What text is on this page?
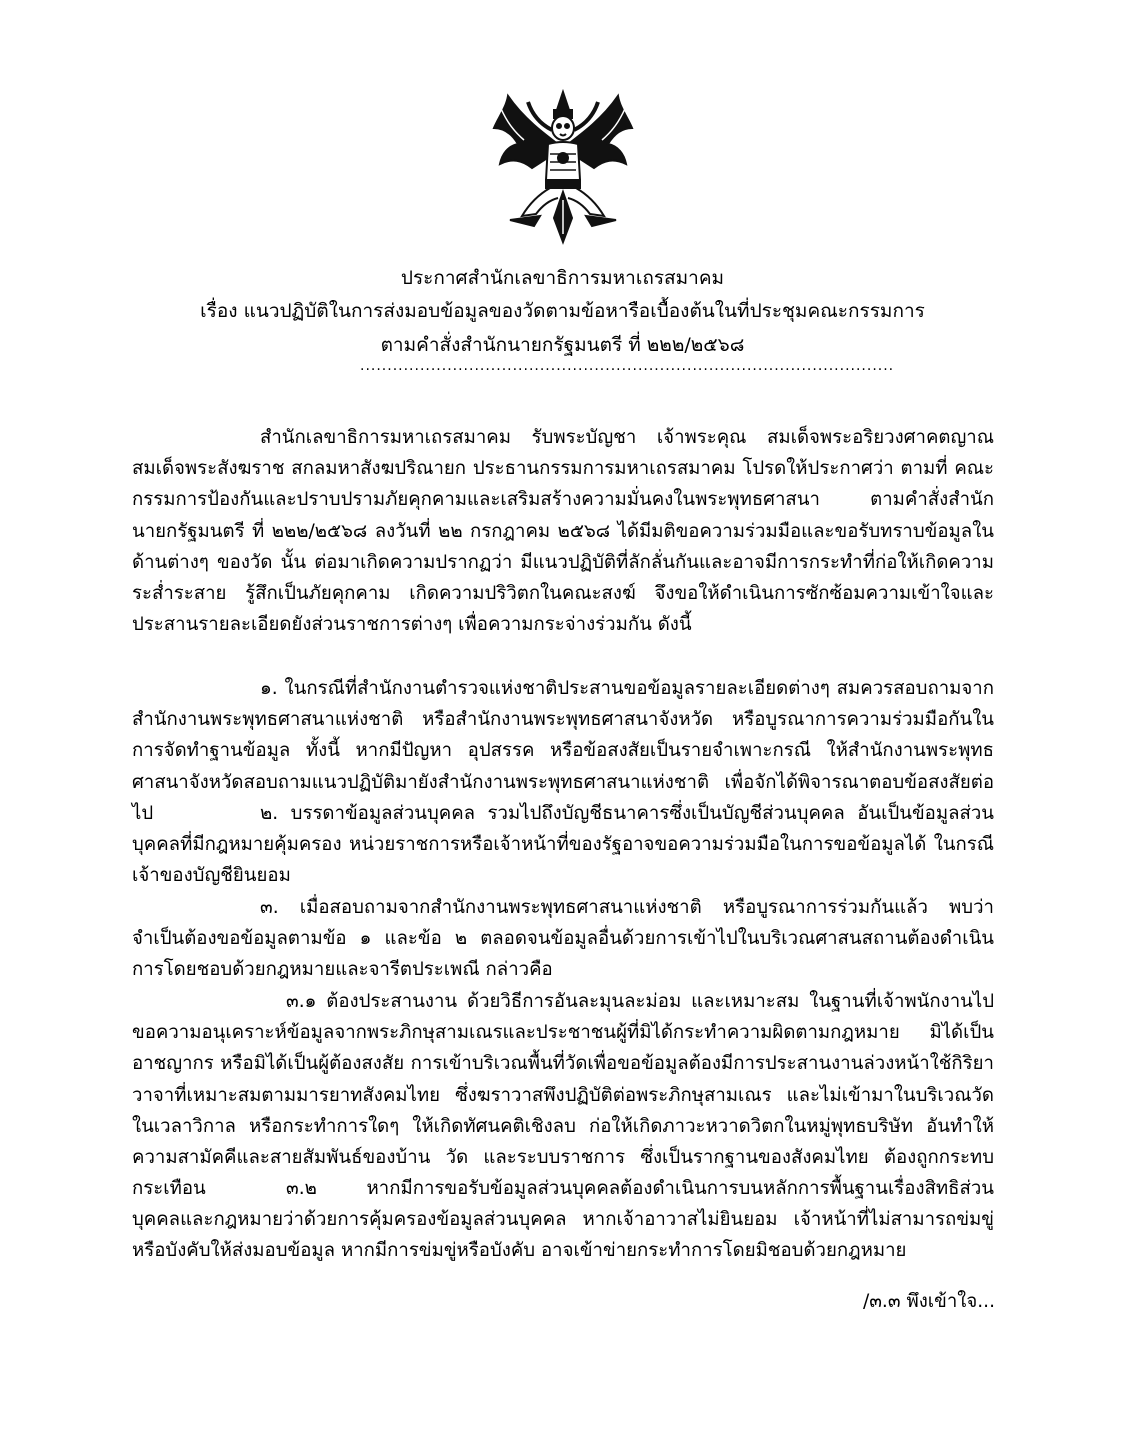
ประกาศสำนักเลขาธิการมหาเถรสมาคม
เรื่อง แนวปฏิบัติในการส่งมอบข้อมูลของวัดตามข้อหารือเบื้องต้นในที่ประชุมคณะกรรมการ
ตามคำสั่งสำนักนายกรัฐมนตรี ที่ ๒๒๒/๒๕๖๘
..................................................................................................

สำนักเลขาธิการมหาเถรสมาคม รับพระบัญชา เจ้าพระคุณ สมเด็จพระอริยวงศาคตญาณ สมเด็จพระสังฆราช สกลมหาสังฆปริณายก ประธานกรรมการมหาเถรสมาคม โปรดให้ประกาศว่า ตามที่ คณะกรรมการป้องกันและปราบปรามภัยคุกคามและเสริมสร้างความมั่นคงในพระพุทธศาสนา ตามคำสั่งสำนักนายกรัฐมนตรี ที่ ๒๒๒/๒๕๖๘ ลงวันที่ ๒๒ กรกฎาคม ๒๕๖๘ ได้มีมติขอความร่วมมือและขอรับทราบข้อมูลในด้านต่างๆ ของวัด นั้น ต่อมาเกิดความปรากฏว่า มีแนวปฏิบัติที่ลักลั่นกันและอาจมีการกระทำที่ก่อให้เกิดความระส่ำระสาย รู้สึกเป็นภัยคุกคาม เกิดความปริวิตกในคณะสงฆ์ จึงขอให้ดำเนินการซักซ้อมความเข้าใจและประสานรายละเอียดยังส่วนราชการต่างๆ เพื่อความกระจ่างร่วมกัน ดังนี้

๑. ในกรณีที่สำนักงานตำรวจแห่งชาติประสานขอข้อมูลรายละเอียดต่างๆ สมควรสอบถามจากสำนักงานพระพุทธศาสนาแห่งชาติ หรือสำนักงานพระพุทธศาสนาจังหวัด หรือบูรณาการความร่วมมือกันในการจัดทำฐานข้อมูล ทั้งนี้ หากมีปัญหา อุปสรรค หรือข้อสงสัยเป็นรายจำเพาะกรณี ให้สำนักงานพระพุทธศาสนาจังหวัดสอบถามแนวปฏิบัติมายังสำนักงานพระพุทธศาสนาแห่งชาติ เพื่อจักได้พิจารณาตอบข้อสงสัยต่อไป	๒. บรรดาข้อมูลส่วนบุคคล รวมไปถึงบัญชีธนาคารซึ่งเป็นบัญชีส่วนบุคคล อันเป็นข้อมูลส่วนบุคคลที่มีกฎหมายคุ้มครอง หน่วยราชการหรือเจ้าหน้าที่ของรัฐอาจขอความร่วมมือในการขอข้อมูลได้ ในกรณีเจ้าของบัญชียินยอม

๓. เมื่อสอบถามจากสำนักงานพระพุทธศาสนาแห่งชาติ หรือบูรณาการร่วมกันแล้ว พบว่าจำเป็นต้องขอข้อมูลตามข้อ ๑ และข้อ ๒ ตลอดจนข้อมูลอื่นด้วยการเข้าไปในบริเวณศาสนสถานต้องดำเนินการโดยชอบด้วยกฎหมายและจารีตประเพณี กล่าวคือ

๓.๑ ต้องประสานงาน ด้วยวิธีการอันละมุนละม่อม และเหมาะสม ในฐานที่เจ้าพนักงานไปขอความอนุเคราะห์ข้อมูลจากพระภิกษุสามเณรและประชาชนผู้ที่มิได้กระทำความผิดตามกฎหมาย มิได้เป็นอาชญากร หรือมิได้เป็นผู้ต้องสงสัย การเข้าบริเวณพื้นที่วัดเพื่อขอข้อมูลต้องมีการประสานงานล่วงหน้าใช้กิริยาวาจาที่เหมาะสมตามมารยาทสังคมไทย ซึ่งฆราวาสพึงปฏิบัติต่อพระภิกษุสามเณร และไม่เข้ามาในบริเวณวัดในเวลาวิกาล หรือกระทำการใดๆ ให้เกิดทัศนคติเชิงลบ ก่อให้เกิดภาวะหวาดวิตกในหมู่พุทธบริษัท อันทำให้ความสามัคคีและสายสัมพันธ์ของบ้าน วัด และระบบราชการ ซึ่งเป็นรากฐานของสังคมไทย ต้องถูกกระทบกระเทือน	๓.๒ หากมีการขอรับข้อมูลส่วนบุคคลต้องดำเนินการบนหลักการพื้นฐานเรื่องสิทธิส่วนบุคคลและกฎหมายว่าด้วยการคุ้มครองข้อมูลส่วนบุคคล หากเจ้าอาวาสไม่ยินยอม เจ้าหน้าที่ไม่สามารถข่มขู่หรือบังคับให้ส่งมอบข้อมูล หากมีการข่มขู่หรือบังคับ อาจเข้าข่ายกระทำการโดยมิชอบด้วยกฎหมาย

/๓.๓ พึงเข้าใจ...
